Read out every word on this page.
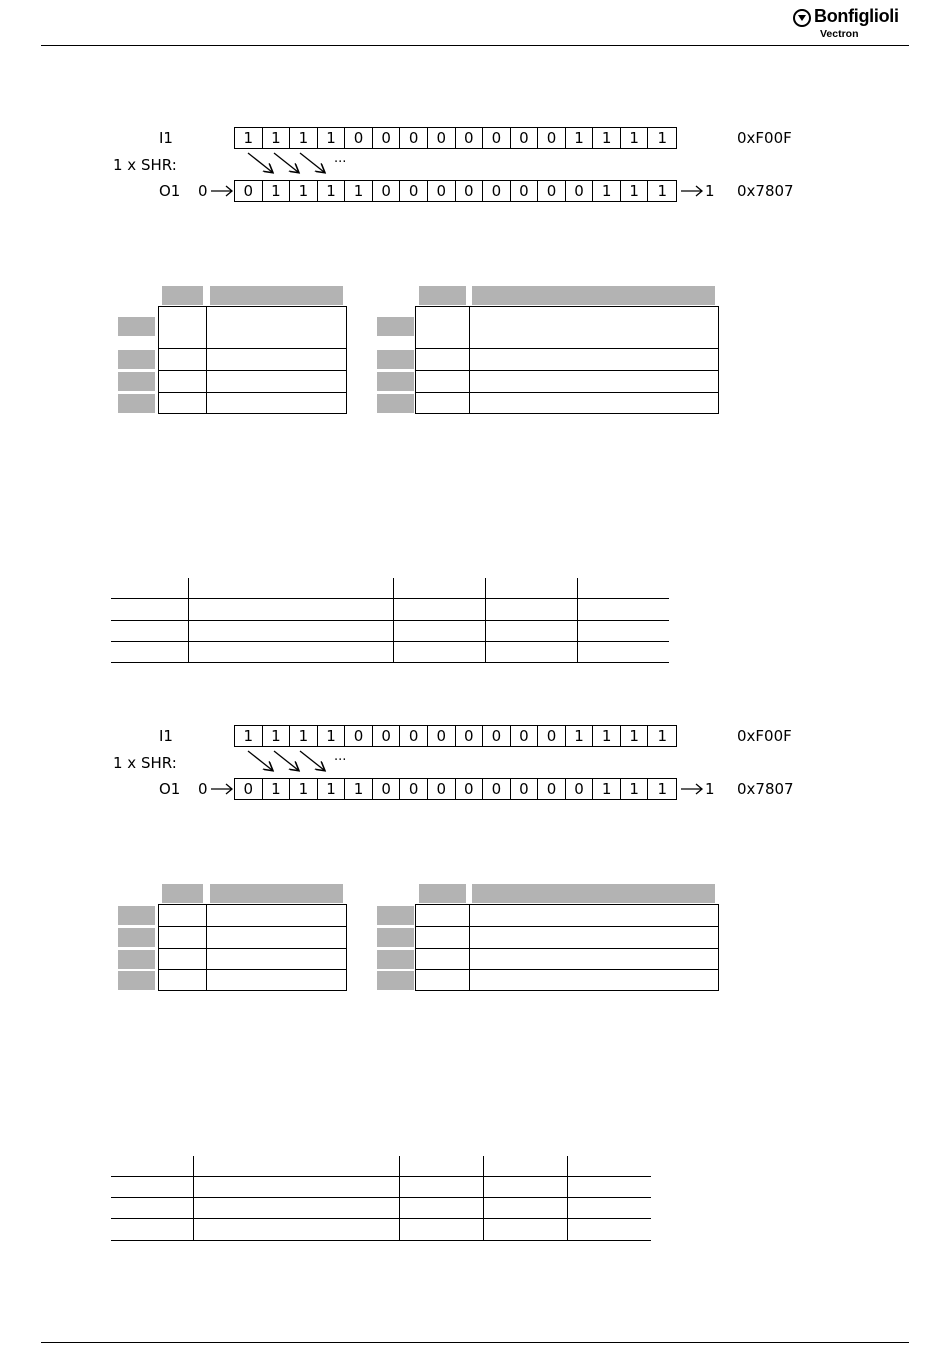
Bonfiglioli
Vectron
I1	1	1	1	1	0	0	0	0	0	0	0	0	1	1	1	1	0xF00F
1 x SHR:	...
O1 0	0	1	1	1	1	0	0	0	0	0	0	0	0	1	1	1	1 0x7807
I1	1	1	1	1	0	0	0	0	0	0	0	0	1	1	1	1	0xF00F
1 x SHR:	...
O1 0	0	1	1	1	1	0	0	0	0	0	0	0	0	1	1	1	1 0x7807
